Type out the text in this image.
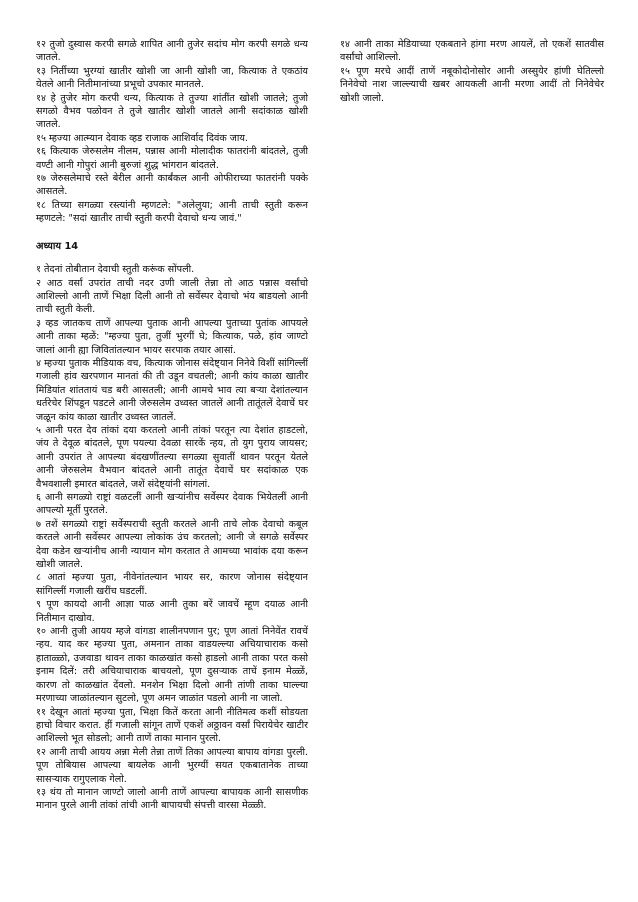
१२ तुजो दुस्वास करपी सगळे शापित आनी तुजेर सदांच मोग करपी सगळे धन्य जातले.

१३ निर्तीच्या भुरग्यां खातीर खोशी जा आनी खोशी जा, कित्याक ते एकठांय येतले आनी नितीमानांच्या प्रभूचो उपकार मानतले.

१४ हे तुजेर मोग करपी धन्य, कित्याक ते तुज्या शांतींत खोशी जातले; तुजो सगळो वैभव पळोवन ते तुजे खातीर खोशी जातले आनी सदांकाळ खोशी जातले.

१५ म्हज्या आत्म्यान देवाक व्हड राजाक आशिर्वाद दिवंक जाय.

१६ कित्याक जेरुसलेम नीलम, पन्नास आनी मोलादीक फातरांनी बांदतले, तुजी वण्टी आनी गोपुरां आनी बुरुजां शुद्ध भांगरान बांदतले.

१७ जेरुसलेमाचे रस्ते बेरील आनी कार्बंकल आनी ओफीराच्या फातरांनी पक्के आसतले.

१८ तिच्या सगळ्या रस्त्यांनी म्हणटले: "अलेलुया; आनी ताची स्तुती करून म्हणटले: "सदां खातीर ताची स्तुती करपी देवाचो धन्य जावं."

अध्याय 14

१ तेदनां तोबीतान देवाची स्तुती करूंक सोंपली.

२ आठ वर्सां उपरांत ताची नदर उणी जाली तेन्ना तो आठ पन्नास वर्सांचो आशिल्लो आनी ताणें भिक्षा दिली आनी तो सर्वेस्पर देवाचो भंय बाडयलो आनी ताची स्तुती केली.

३ व्हड जातकच ताणें आपल्या पुताक आनी आपल्या पुताच्या पुतांक आपयले आनी ताका म्हळें: "म्हज्या पुता, तुजीं भुरगीं घे; कित्याक, पळे, हांव जाण्टो जालां आनी ह्या जिवितांतल्यान भायर सरपाक तयार आसां.

४ म्हज्या पुताक मीडियाक वच, कित्याक जोनास संदेष्ट्यान निनेवे विशीं सांगिल्लीं गजाली हांव खरपणान मानतां की ती उडून वचतली; आनी कांय काळा खातीर मिडियांत शांततायं चड बरी आसतली; आनी आमचे भाव त्या बऱ्या देशांतल्यान धर्तरेचेर शिंपडून पडटले आनी जेरुसलेम उध्वस्त जातलें आनी तातूंतलें देवाचें घर जळून कांय काळा खातीर उध्वस्त जातलें.

५ आनी परत देव तांकां दया करतलो आनी तांकां परतून त्या देशांत हाडटलो, जंय ते देवूळ बांदतले, पूण पयल्या देवळा सारकें न्हय, तो युग पुराय जायसर; आनी उपरांत ते आपल्या बंदखणींतल्या सगळ्या सुवातीं थावन परतून येतले आनी जेरुसलेम वैभवान बांदतले आनी तातूंत देवाचें घर सदांकाळ एक वैभवशाली इमारत बांदतले, जशें संदेष्ट्यांनी सांगलां.

६ आनी सगळ्यो राष्ट्रां वळटलीं आनी खऱ्यांनीच सर्वेस्पर देवाक भियेतलीं आनी आपल्यो मूर्ती पुरतले.

७ तशें सगळ्यो राष्ट्रां सर्वेस्पराची स्तुती करतले आनी ताचे लोक देवाचो कबूल करतले आनी सर्वेस्पर आपल्या लोकांक उंच करतलो; आनी जे सगळे सर्वेस्पर देवा कडेन खऱ्यांनीच आनी न्यायान मोग करतात ते आमच्या भावांक दया करून खोशी जातले.

८ आतां म्हज्या पुता, नीवेनांतल्यान भायर सर, कारण जोनास संदेष्ट्यान सांगिल्लीं गजाली खरींच घडटलीं.

९ पूण कायदो आनी आज्ञा पाळ आनी तुका बरें जावचें म्हूण दयाळ आनी नितीमान दाखोव.

१० आनी तुजी आयय म्हजे वांगडा शालीनपणान पुर; पूण आतां निनेवेंत रावचें न्हय. याद कर म्हज्या पुता, अमनान ताका वाडयल्ल्या अचियाचाराक कसो हाताळ्ळो, उजवाडा थावन ताका काळखांत कसो हाडलो आनी ताका परत कसो इनाम दिलें: तरी अचियाचाराक बाचयलो, पूण दुसऱ्याक ताचें इनाम मेळ्ळें, कारण तो काळखांत देंवलो. मनशेन भिक्षा दिलो आनी तांणी ताका घाल्ल्या मरणाच्या जाळांतल्यान सुटलो, पूण अमन जाळांत पडलो आनी ना जालो.

११ देखून आतां म्हज्या पुता, भिक्षा कितें करता आनी नीतिमत्व कशीं सोडयता हाचो विचार करात. हीं गजाली सांगून ताणें एकशें अठ्ठावन वर्सां पिरायेचेर खाटीर आशिल्लो भूत सोडलो; आनी ताणें ताका मानान पुरलो.

१२ आनी ताची आयय अन्ना मेली तेन्ना ताणें तिका आपल्या बापाय वांगडा पुरली. पूण तोबियास आपल्या बायलेक आनी भुरग्यीं सयत एकबातानेक ताच्या सासऱ्याक रागुएलाक गेलो.

१३ थंय तो मानान जाण्टो जालो आनी ताणें आपल्या बापायक आनी सासणीक मानान पुरले आनी तांकां तांची आनी बापायची संपत्ती वारसा मेळ्ळी.

१४ आनी ताका मेडियाच्या एकबताने हांगा मरण आयलें, तो एकशें सातवीस वर्सांचो आशिल्लो.

१५ पूण मरचे आदीं ताणें नबूकोदोनोसोर आनी अस्सुयेर हांणी घेतिल्लो निनेवेचो नाश जाल्ल्याची खबर आयकली आनी मरणा आदीं तो निनेवेचेर खोशी जालो.
